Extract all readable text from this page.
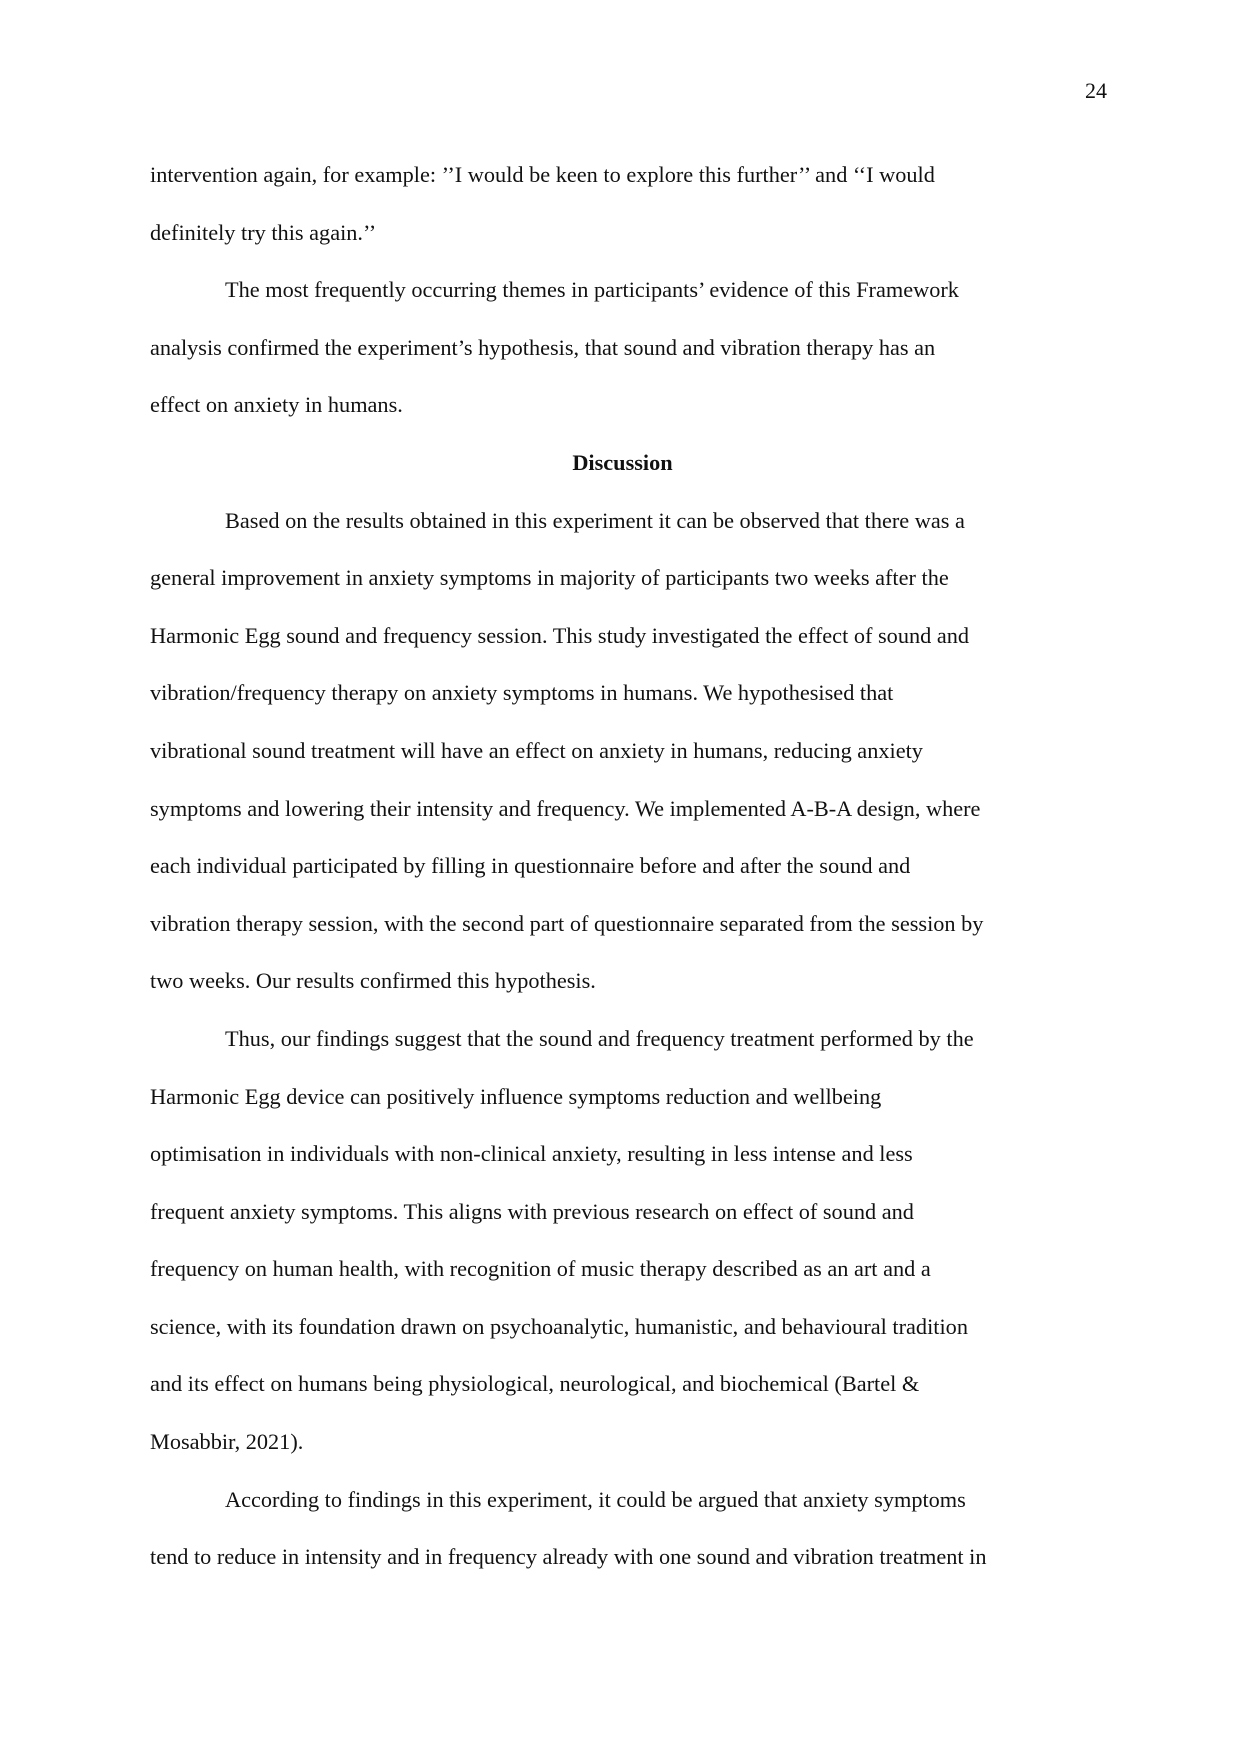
24
intervention again, for example: ’’I would be keen to explore this further’’ and ‘‘I would
definitely try this again.’’
The most frequently occurring themes in participants’ evidence of this Framework
analysis confirmed the experiment’s hypothesis, that sound and vibration therapy has an
effect on anxiety in humans.
Discussion
Based on the results obtained in this experiment it can be observed that there was a
general improvement in anxiety symptoms in majority of participants two weeks after the
Harmonic Egg sound and frequency session. This study investigated the effect of sound and
vibration/frequency therapy on anxiety symptoms in humans. We hypothesised that
vibrational sound treatment will have an effect on anxiety in humans, reducing anxiety
symptoms and lowering their intensity and frequency. We implemented A-B-A design, where
each individual participated by filling in questionnaire before and after the sound and
vibration therapy session, with the second part of questionnaire separated from the session by
two weeks. Our results confirmed this hypothesis.
Thus, our findings suggest that the sound and frequency treatment performed by the
Harmonic Egg device can positively influence symptoms reduction and wellbeing
optimisation in individuals with non-clinical anxiety, resulting in less intense and less
frequent anxiety symptoms. This aligns with previous research on effect of sound and
frequency on human health, with recognition of music therapy described as an art and a
science, with its foundation drawn on psychoanalytic, humanistic, and behavioural tradition
and its effect on humans being physiological, neurological, and biochemical (Bartel &
Mosabbir, 2021).
According to findings in this experiment, it could be argued that anxiety symptoms
tend to reduce in intensity and in frequency already with one sound and vibration treatment in
